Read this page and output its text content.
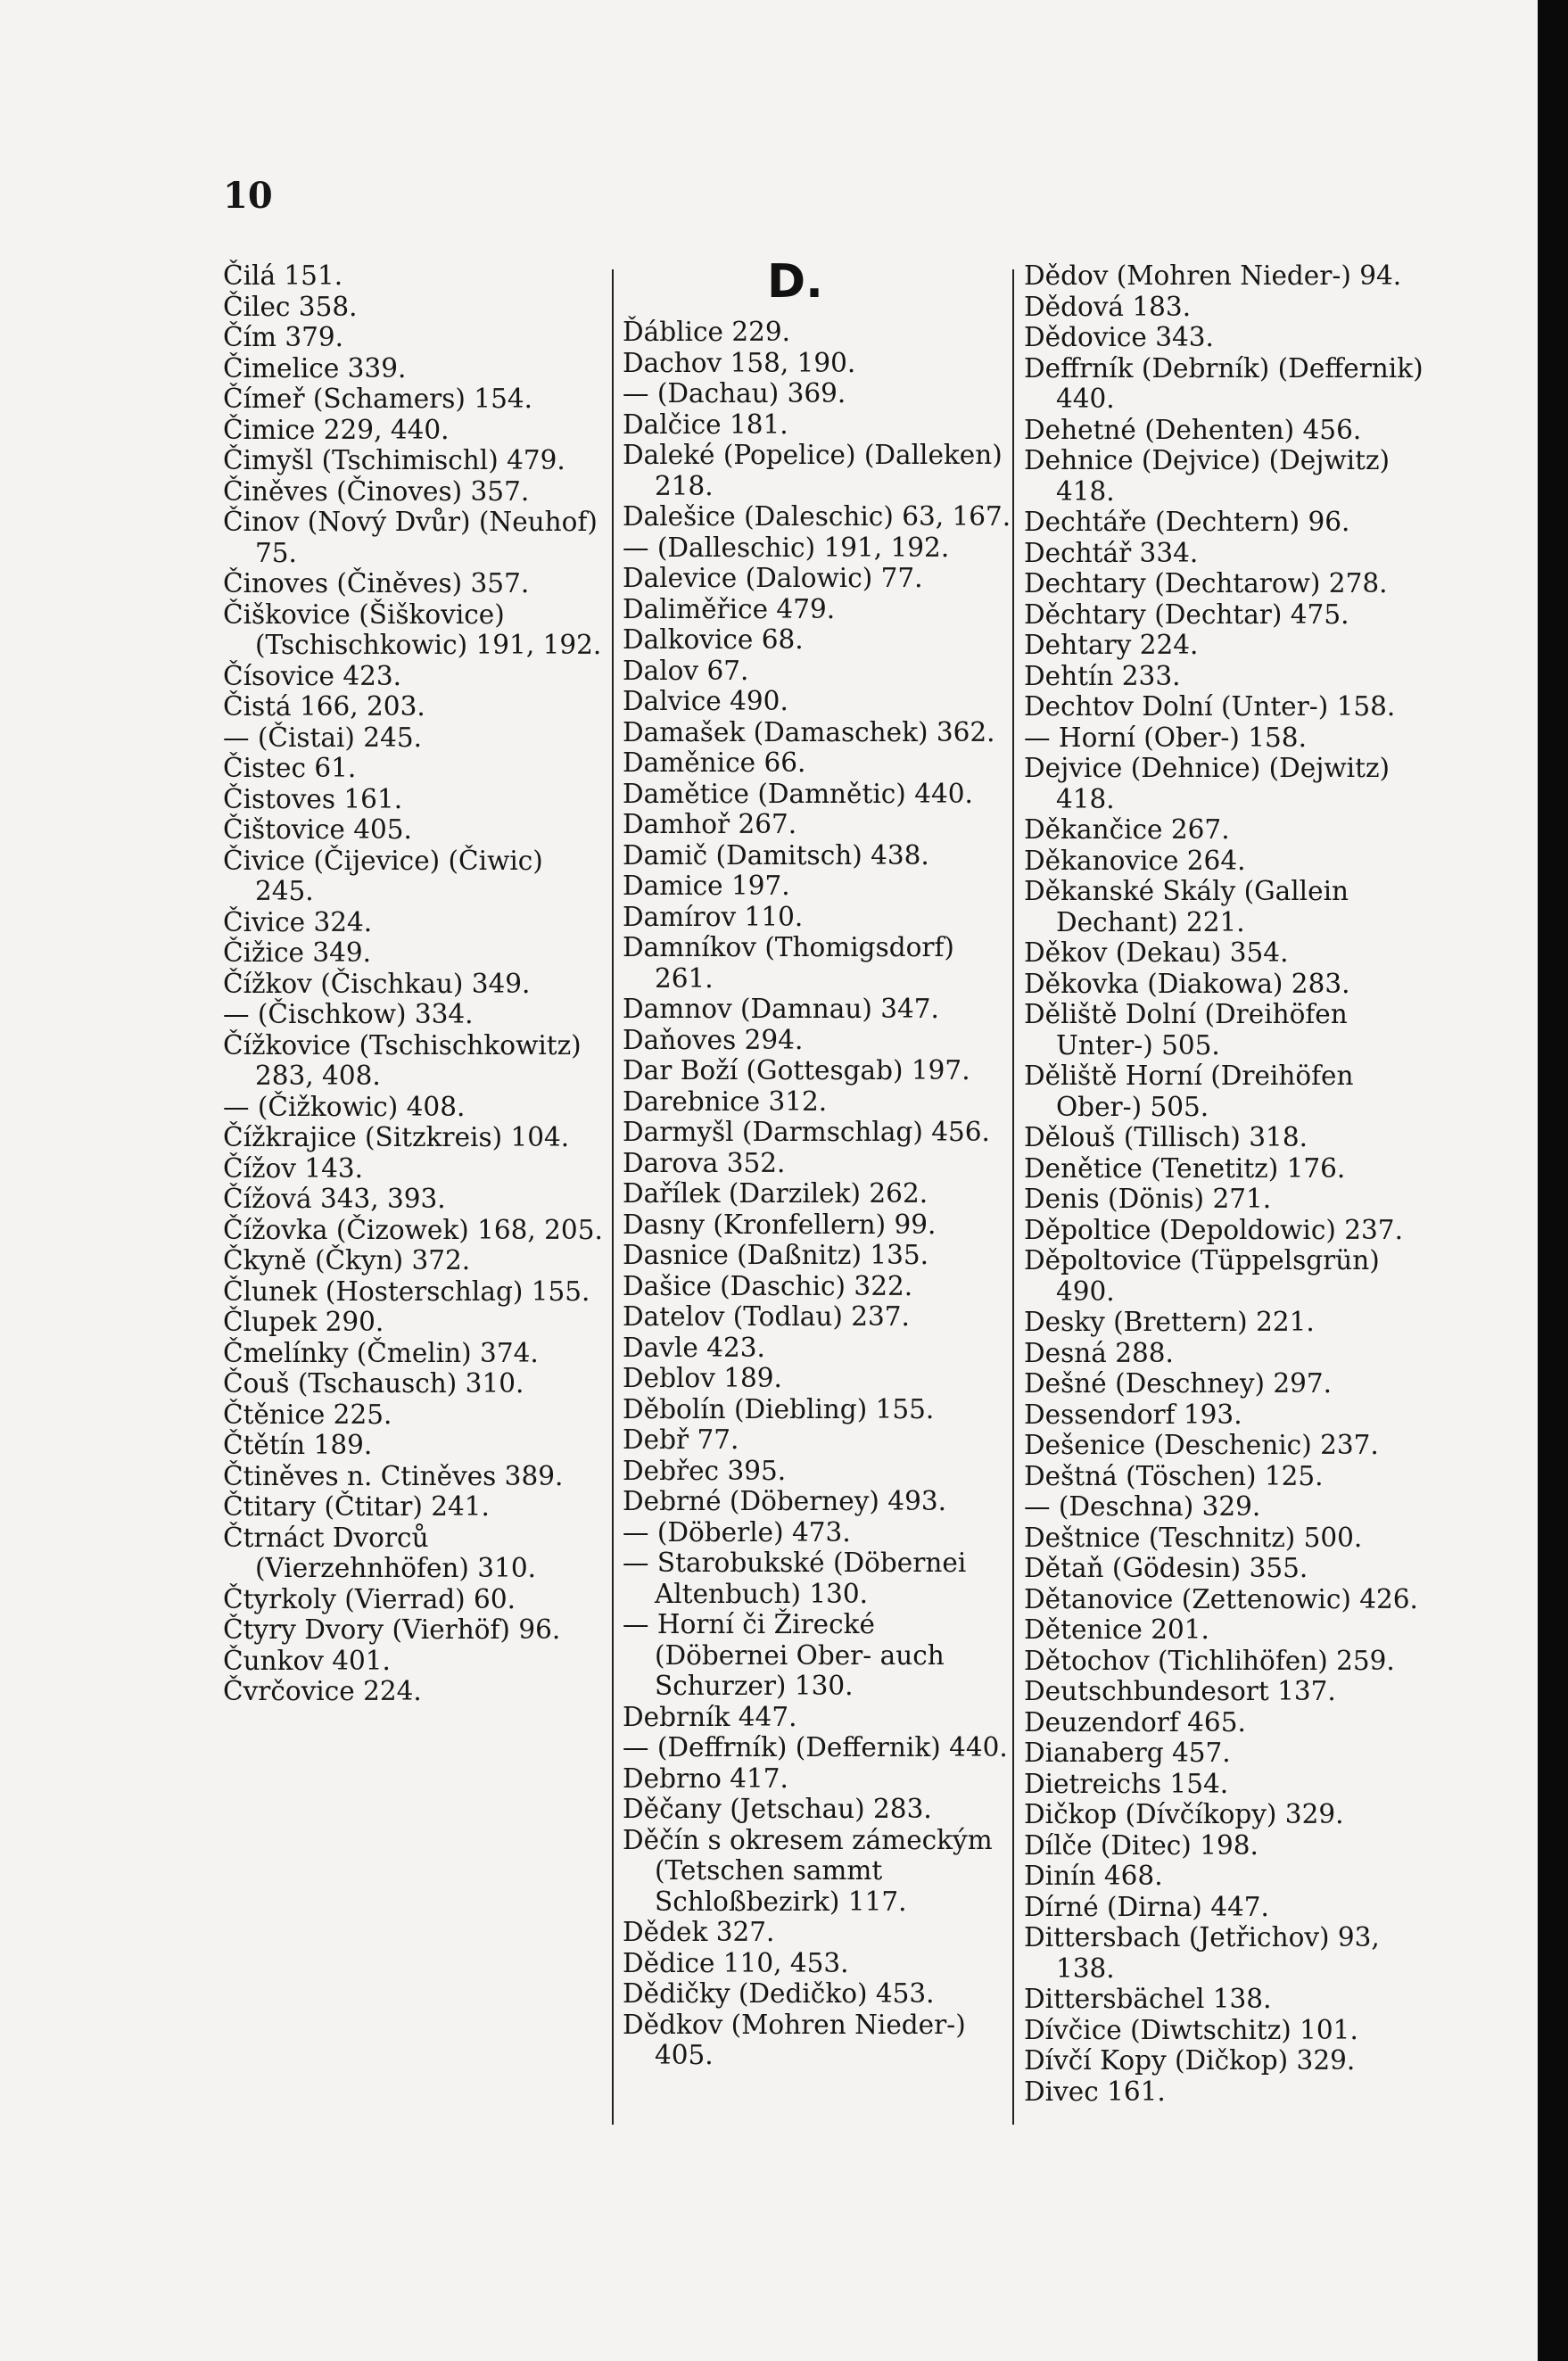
10
D.
Čilá 151.
Čilec 358.
Čím 379.
Čimelice 339.
Čímeř (Schamers) 154.
Čimice 229, 440.
Čimyšl (Tschimischl) 479.
Činěves (Činoves) 357.
Činov (Nový Dvůr) (Neuhof) 75.
Činoves (Činěves) 357.
Čiškovice (Šiškovice) (Tschischkowic) 191, 192.
Čísovice 423.
Čistá 166, 203.
— (Čistai) 245.
Čistec 61.
Čistoves 161.
Čištovice 405.
Čivice (Čijevice) (Čiwic) 245.
Čivice 324.
Čižice 349.
Čížkov (Čischkau) 349.
— (Čischkow) 334.
Čížkovice (Tschischkowitz) 283, 408.
— (Čižkowic) 408.
Čížkrajice (Sitzkreis) 104.
Čížov 143.
Čížová 343, 393.
Čížovka (Čizowek) 168, 205.
Čkyně (Čkyn) 372.
Člunek (Hosterschlag) 155.
Člupek 290.
Čmelínky (Čmelin) 374.
Čouš (Tschausch) 310.
Čtěnice 225.
Čtětín 189.
Čtiněves n. Ctiněves 389.
Čtitary (Čtitar) 241.
Čtrnáct Dvorců (Vierzehnhöfen) 310.
Čtyrkoly (Vierrad) 60.
Čtyry Dvory (Vierhöf) 96.
Čunkov 401.
Čvrčovice 224.
Ďáblice 229.
Dachov 158, 190.
— (Dachau) 369.
Dalčice 181.
Daleké (Popelice) (Dalleken) 218.
Dalešice (Daleschic) 63, 167.
— (Dalleschic) 191, 192.
Dalevice (Dalowic) 77.
Daliměřice 479.
Dalkovice 68.
Dalov 67.
Dalvice 490.
Damašek (Damaschek) 362.
Daměnice 66.
Damětice (Damnětic) 440.
Damhoř 267.
Damič (Damitsch) 438.
Damice 197.
Damírov 110.
Damníkov (Thomigsdorf) 261.
Damnov (Damnau) 347.
Daňoves 294.
Dar Boží (Gottesgab) 197.
Darebnice 312.
Darmyšl (Darmschlag) 456.
Darova 352.
Dařílek (Darzilek) 262.
Dasny (Kronfellern) 99.
Dasnice (Daßnitz) 135.
Dašice (Daschic) 322.
Datelov (Todlau) 237.
Davle 423.
Deblov 189.
Děbolín (Diebling) 155.
Debř 77.
Debřec 395.
Debrné (Döberney) 493.
— (Döberle) 473.
— Starobukské (Döbernei Altenbuch) 130.
— Horní či Žirecké (Döbernei Ober- auch Schurzer) 130.
Debrník 447.
— (Deffrník) (Deffernik) 440.
Debrno 417.
Děčany (Jetschau) 283.
Děčín s okresem zámeckým (Tetschen sammt Schloßbezirk) 117.
Dědek 327.
Dědice 110, 453.
Dědičky (Dedičko) 453.
Dědkov (Mohren Nieder-) 405.
Dědov (Mohren Nieder-) 94.
Dědová 183.
Dědovice 343.
Deffrník (Debrník) (Deffernik) 440.
Dehetné (Dehenten) 456.
Dehnice (Dejvice) (Dejwitz) 418.
Dechtáře (Dechtern) 96.
Dechtář 334.
Dechtary (Dechtarow) 278.
Děchtary (Dechtar) 475.
Dehtary 224.
Dehtín 233.
Dechtov Dolní (Unter-) 158.
— Horní (Ober-) 158.
Dejvice (Dehnice) (Dejwitz) 418.
Děkančice 267.
Děkanovice 264.
Děkanské Skály (Gallein Dechant) 221.
Děkov (Dekau) 354.
Děkovka (Diakowa) 283.
Děliště Dolní (Dreihöfen Unter-) 505.
Děliště Horní (Dreihöfen Ober-) 505.
Dělouš (Tillisch) 318.
Denětice (Tenetitz) 176.
Denis (Dönis) 271.
Děpoltice (Depoldowic) 237.
Děpoltovice (Tüppelsgrün) 490.
Desky (Brettern) 221.
Desná 288.
Dešné (Deschney) 297.
Dessendorf 193.
Dešenice (Deschenic) 237.
Deštná (Töschen) 125.
— (Deschna) 329.
Deštnice (Teschnitz) 500.
Dětaň (Gödesin) 355.
Dětanovice (Zettenowic) 426.
Dětenice 201.
Dětochov (Tichlihöfen) 259.
Deutschbundesort 137.
Deuzendorf 465.
Dianaberg 457.
Dietreichs 154.
Dičkop (Dívčíkopy) 329.
Dílče (Ditec) 198.
Dinín 468.
Dírné (Dirna) 447.
Dittersbach (Jetřichov) 93, 138.
Dittersbächel 138.
Dívčice (Diwtschitz) 101.
Dívčí Kopy (Dičkop) 329.
Divec 161.
